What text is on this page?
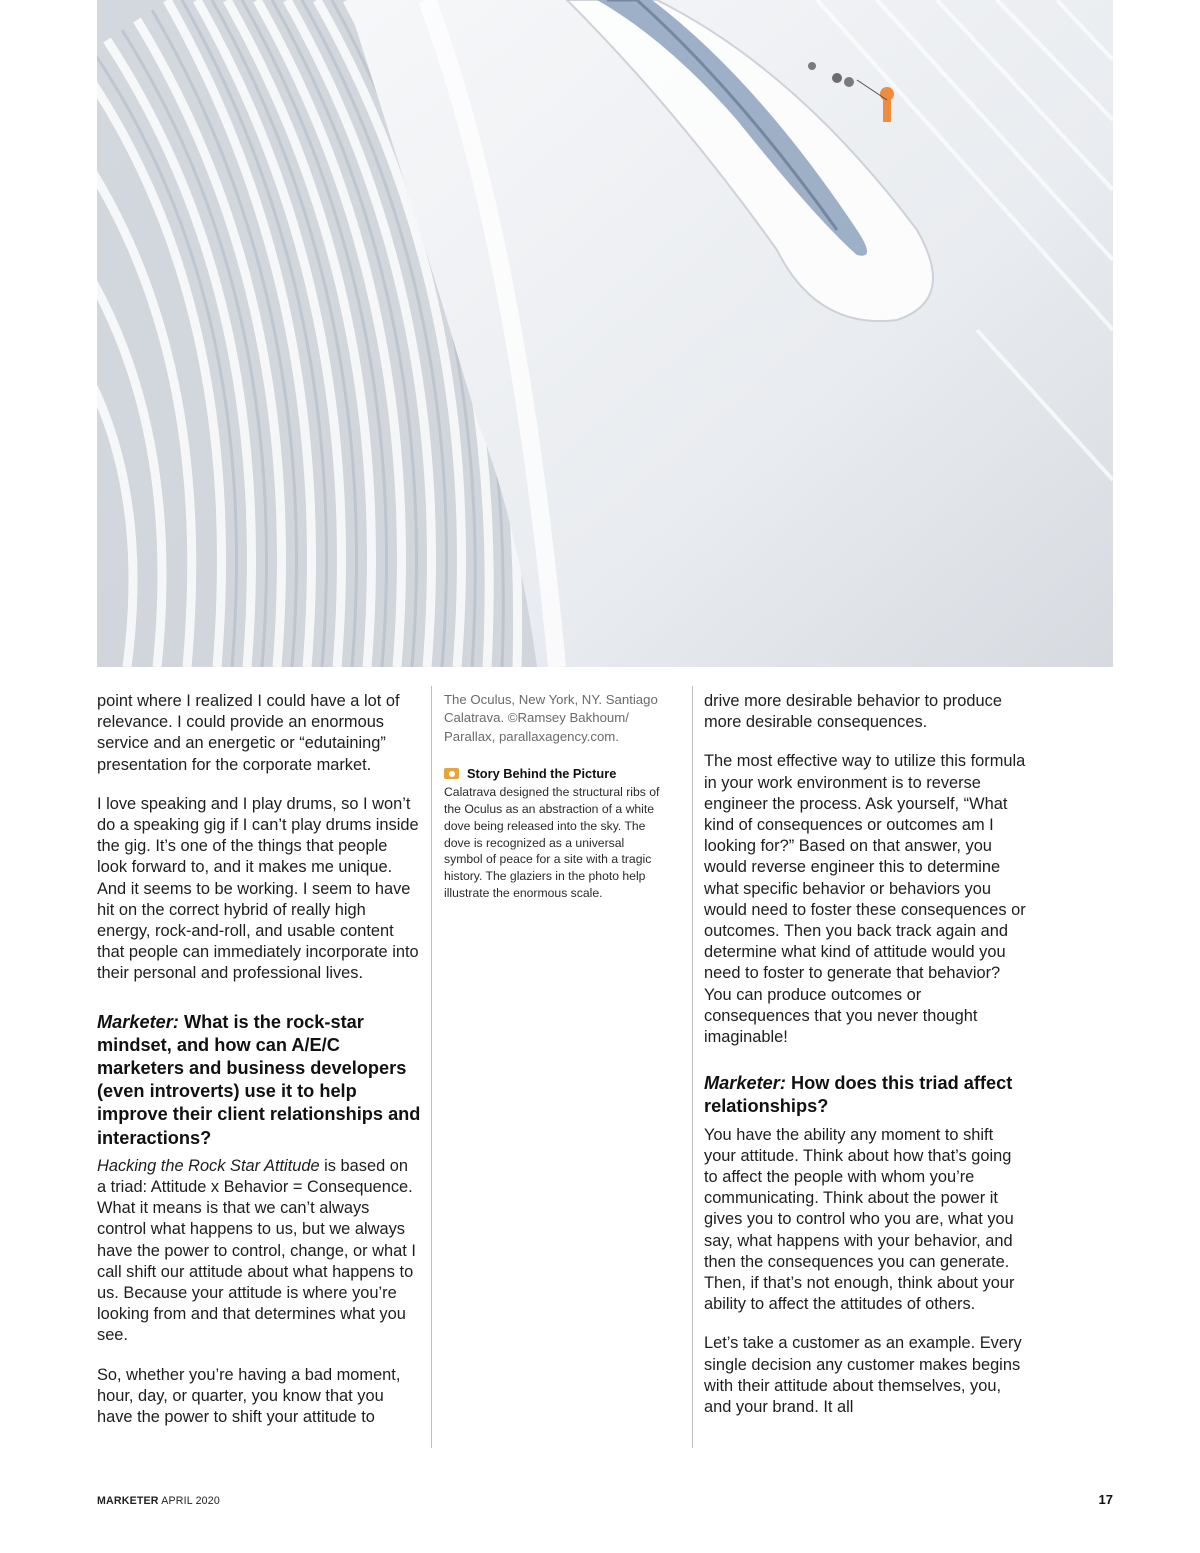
point where I realized I could have a lot of relevance. I could provide an enormous service and an energetic or “edutaining” presentation for the corporate market.

I love speaking and I play drums, so I won’t do a speaking gig if I can’t play drums inside the gig. It’s one of the things that people look forward to, and it makes me unique. And it seems to be working. I seem to have hit on the correct hybrid of really high energy, rock-and-roll, and usable content that people can immediately incorporate into their personal and professional lives.

Marketer: What is the rock-star mindset, and how can A/E/C marketers and business developers (even introverts) use it to help improve their client relationships and interactions?

Hacking the Rock Star Attitude is based on a triad: Attitude x Behavior = Consequence. What it means is that we can’t always control what happens to us, but we always have the power to control, change, or what I call shift our attitude about what happens to us. Because your attitude is where you’re looking from and that determines what you see.

So, whether you’re having a bad moment, hour, day, or quarter, you know that you have the power to shift your attitude to

The Oculus, New York, NY. Santiago Calatrava. ©Ramsey Bakhoum/ Parallax, parallaxagency.com.

Story Behind the Picture

Calatrava designed the structural ribs of the Oculus as an abstraction of a white dove being released into the sky. The dove is recognized as a universal symbol of peace for a site with a tragic history. The glaziers in the photo help illustrate the enormous scale.

drive more desirable behavior to produce more desirable consequences.

The most effective way to utilize this formula in your work environment is to reverse engineer the process. Ask yourself, “What kind of consequences or outcomes am I looking for?” Based on that answer, you would reverse engineer this to determine what specific behavior or behaviors you would need to foster these consequences or outcomes. Then you back track again and determine what kind of attitude would you need to foster to generate that behavior? You can produce outcomes or consequences that you never thought imaginable!

Marketer: How does this triad affect relationships?

You have the ability any moment to shift your attitude. Think about how that’s going to affect the people with whom you’re communicating. Think about the power it gives you to control who you are, what you say, what happens with your behavior, and then the consequences you can generate. Then, if that’s not enough, think about your ability to affect the attitudes of others.

Let’s take a customer as an example. Every single decision any customer makes begins with their attitude about themselves, you, and your brand. It all

MARKETER APRIL 2020	17
